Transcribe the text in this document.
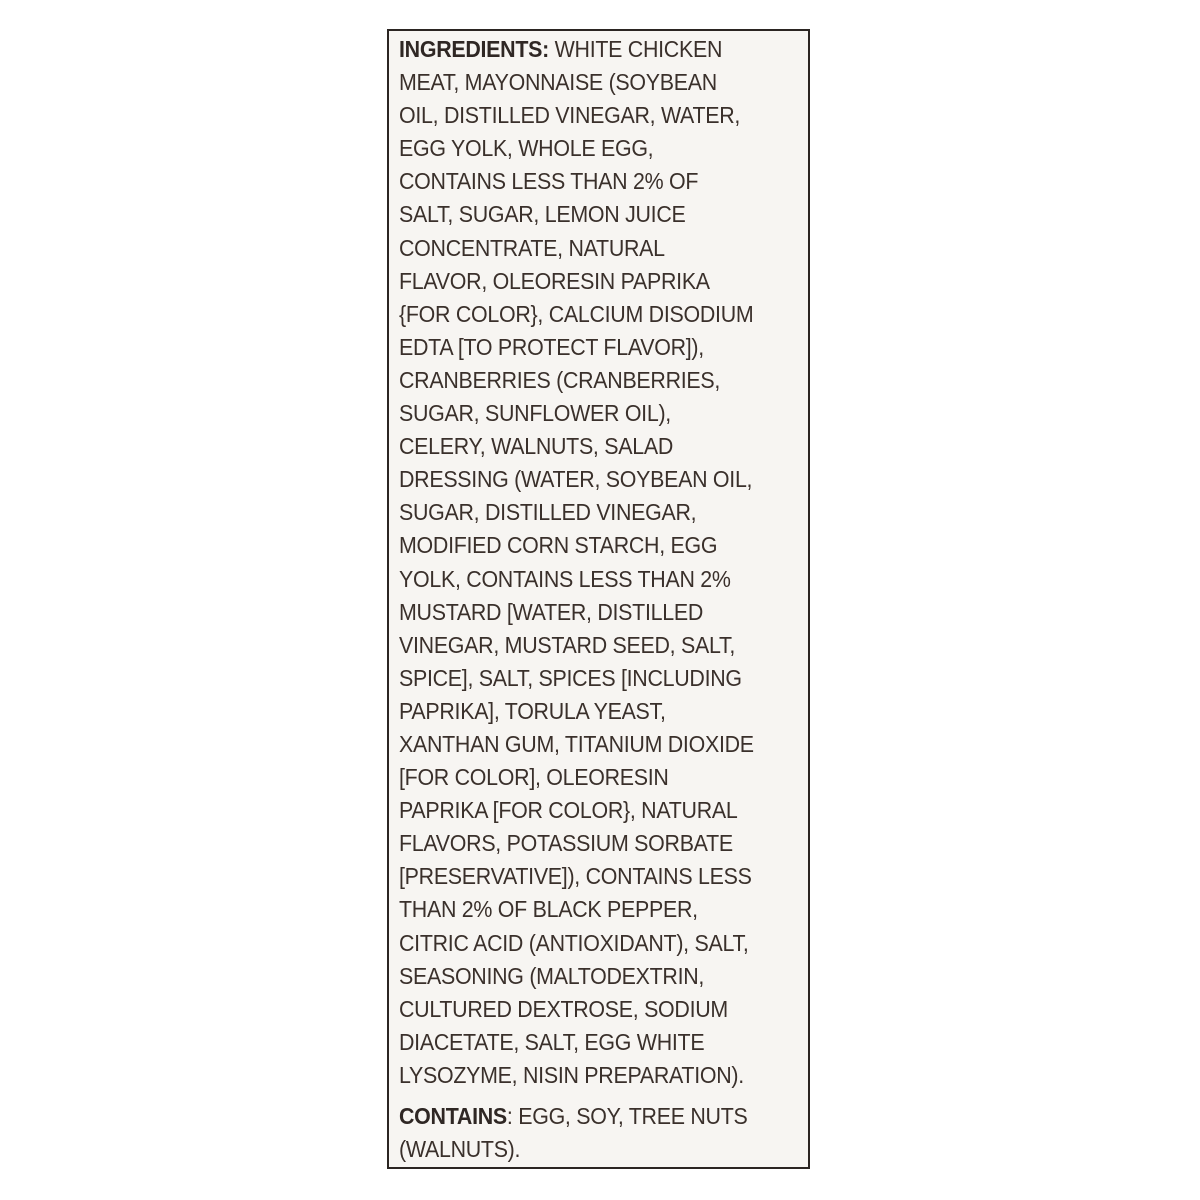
INGREDIENTS: WHITE CHICKEN
MEAT, MAYONNAISE (SOYBEAN
OIL, DISTILLED VINEGAR, WATER,
EGG YOLK, WHOLE EGG,
CONTAINS LESS THAN 2% OF
SALT, SUGAR, LEMON JUICE
CONCENTRATE, NATURAL
FLAVOR, OLEORESIN PAPRIKA
{FOR COLOR}, CALCIUM DISODIUM
EDTA [TO PROTECT FLAVOR]),
CRANBERRIES (CRANBERRIES,
SUGAR, SUNFLOWER OIL),
CELERY, WALNUTS, SALAD
DRESSING (WATER, SOYBEAN OIL,
SUGAR, DISTILLED VINEGAR,
MODIFIED CORN STARCH, EGG
YOLK, CONTAINS LESS THAN 2%
MUSTARD [WATER, DISTILLED
VINEGAR, MUSTARD SEED, SALT,
SPICE], SALT, SPICES [INCLUDING
PAPRIKA], TORULA YEAST,
XANTHAN GUM, TITANIUM DIOXIDE
[FOR COLOR], OLEORESIN
PAPRIKA [FOR COLOR}, NATURAL
FLAVORS, POTASSIUM SORBATE
[PRESERVATIVE]), CONTAINS LESS
THAN 2% OF BLACK PEPPER,
CITRIC ACID (ANTIOXIDANT), SALT,
SEASONING (MALTODEXTRIN,
CULTURED DEXTROSE, SODIUM
DIACETATE, SALT, EGG WHITE
LYSOZYME, NISIN PREPARATION).
CONTAINS: EGG, SOY, TREE NUTS
(WALNUTS).
